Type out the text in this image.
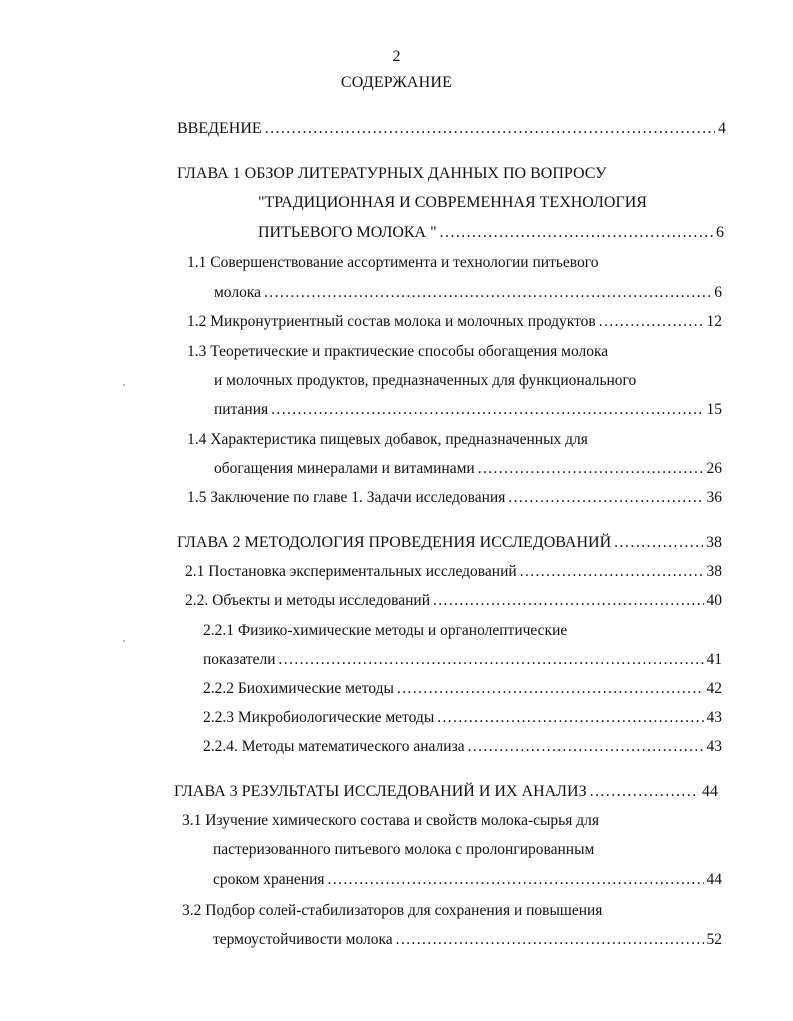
2
СОДЕРЖАНИЕ
ВВЕДЕНИЕ .....	4
ГЛАВА 1 ОБЗОР ЛИТЕРАТУРНЫХ ДАННЫХ ПО ВОПРОСУ
"ТРАДИЦИОННАЯ И СОВРЕМЕННАЯ ТЕХНОЛОГИЯ
ПИТЬЕВОГО МОЛОКА " .....	6
1.1 Совершенствование ассортимента и технологии питьевого
молока .....	6
1.2 Микронутриентный состав молока и молочных продуктов .....	12
1.3 Теоретические и практические способы обогащения молока
и молочных продуктов, предназначенных для функционального
питания .....	15
1.4 Характеристика пищевых добавок, предназначенных для
обогащения минералами и витаминами .....	26
1.5 Заключение по главе 1. Задачи исследования .....	36
ГЛАВА 2 МЕТОДОЛОГИЯ ПРОВЕДЕНИЯ ИССЛЕДОВАНИЙ .....	38
2.1 Постановка экспериментальных исследований .....	38
2.2. Объекты и методы исследований .....	40
2.2.1 Физико-химические методы и органолептические
показатели .....	41
2.2.2 Биохимические методы .....	42
2.2.3 Микробиологические методы .....	43
2.2.4. Методы математического анализа .....	43
ГЛАВА 3 РЕЗУЛЬТАТЫ ИССЛЕДОВАНИЙ И ИХ АНАЛИЗ .....	44
3.1 Изучение химического состава и свойств молока-сырья для
пастеризованного питьевого молока с пролонгированным
сроком хранения .....	44
3.2 Подбор солей-стабилизаторов для сохранения и повышения
термоустойчивости молока .....	52
